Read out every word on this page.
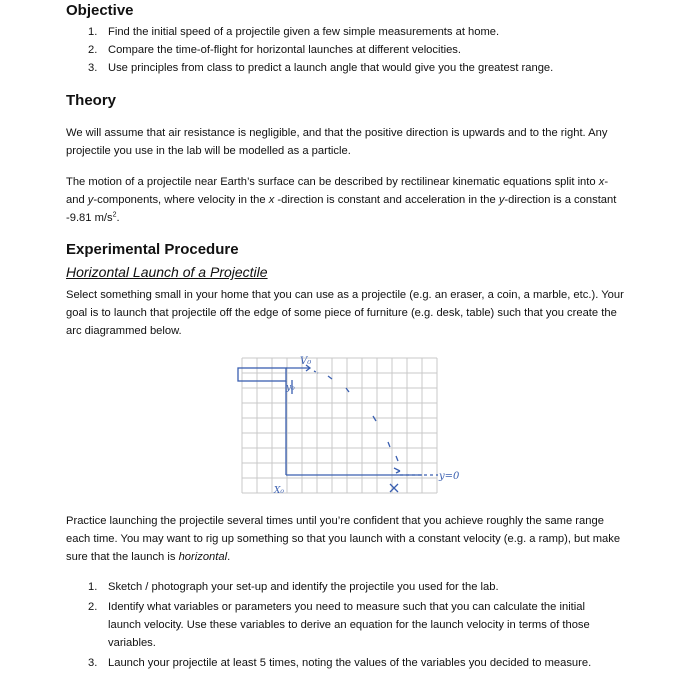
Objective
1. Find the initial speed of a projectile given a few simple measurements at home.
2. Compare the time-of-flight for horizontal launches at different velocities.
3. Use principles from class to predict a launch angle that would give you the greatest range.
Theory

We will assume that air resistance is negligible, and that the positive direction is upwards and to the right. Any projectile you use in the lab will be modelled as a particle.

The motion of a projectile near Earth’s surface can be described by rectilinear kinematic equations split into x- and y-components, where velocity in the x -direction is constant and acceleration in the y-direction is a constant -9.81 $m/s^2$.

Experimental Procedure
Horizontal Launch of a Projectile

Select something small in your home that you can use as a projectile (e.g. an eraser, a coin, a marble, etc.). Your goal is to launch that projectile off the edge of some piece of furniture (e.g. desk, table) such that you create the arc diagrammed below.

V₀
y₀
X₀
y=0

Practice launching the projectile several times until you’re confident that you achieve roughly the same range each time. You may want to rig up something so that you launch with a constant velocity (e.g. a ramp), but make sure that the launch is horizontal.

1. Sketch / photograph your set-up and identify the projectile you used for the lab.
2. Identify what variables or parameters you need to measure such that you can calculate the initial launch velocity. Use these variables to derive an equation for the launch velocity in terms of those variables.
3. Launch your projectile at least 5 times, noting the values of the variables you decided to measure.
